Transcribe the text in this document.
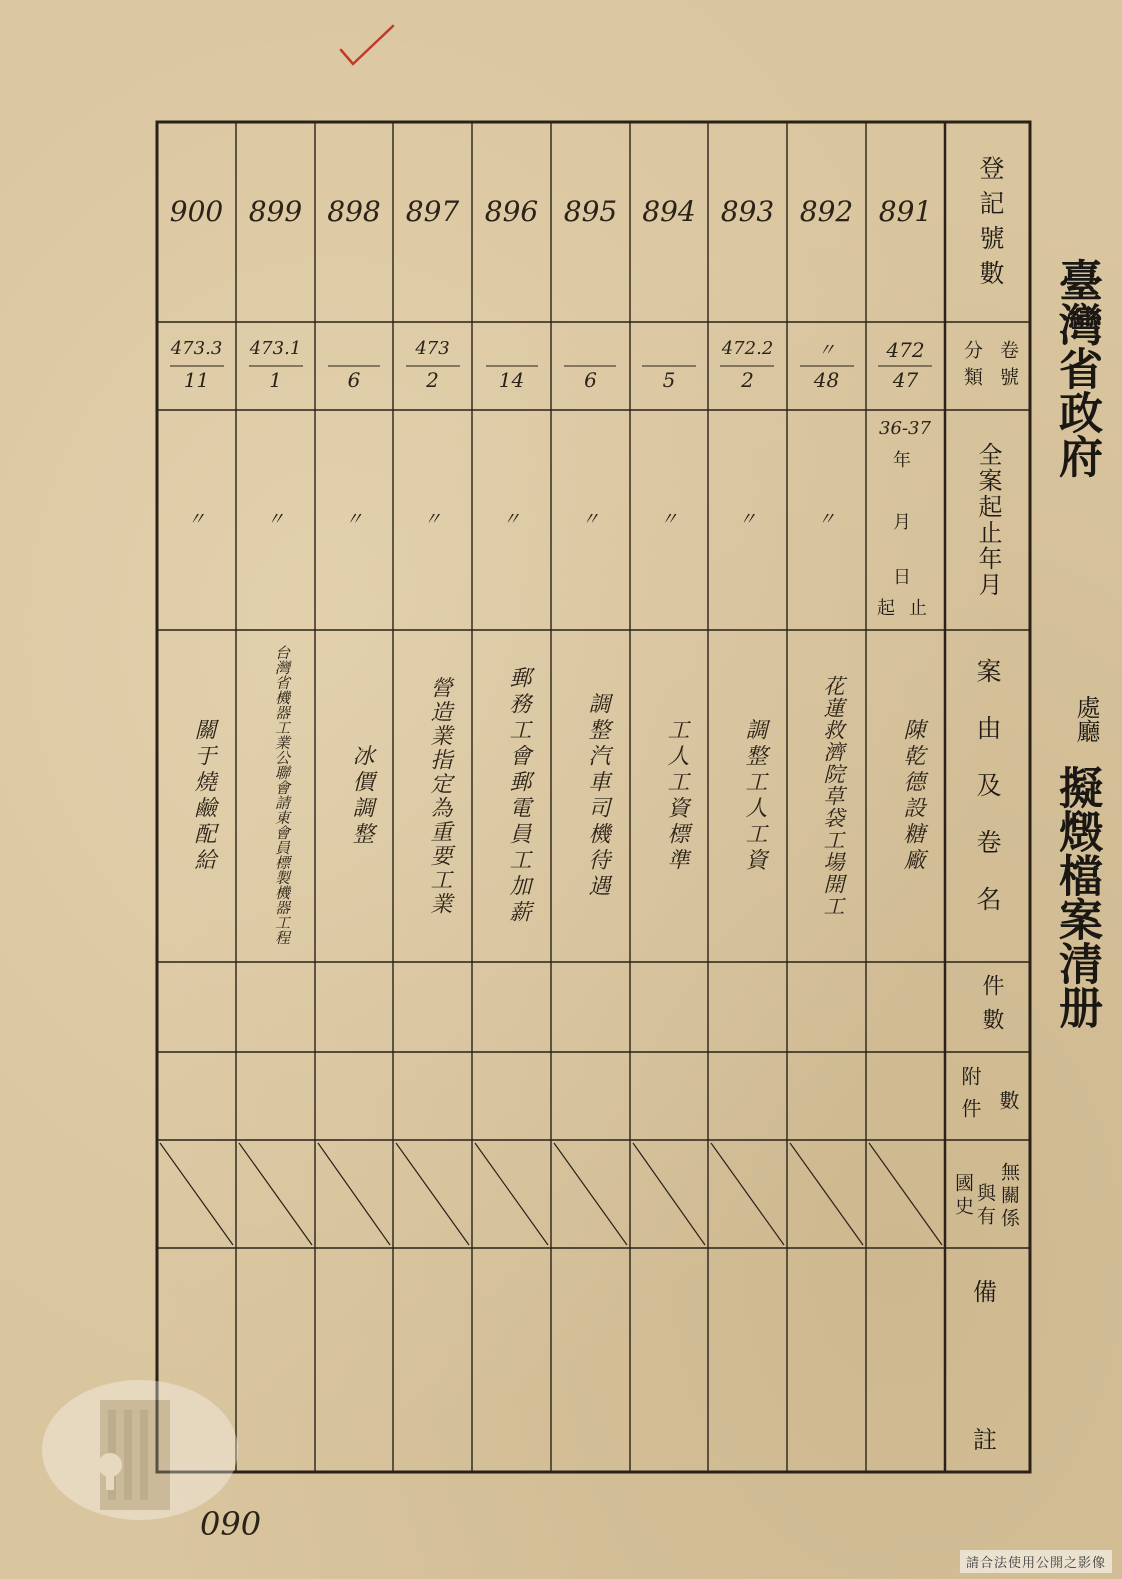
臺灣省政府
處廳
擬燬檔案清册
登記號數
卷號
分類
全案起止年月
案由及卷名
件數
數
附件
無關係
與有
國史
備
註
36-37
年
月
日
起 止
891
472
47
陳乾德設糖廠
892
〃
48
〃
花蓮救濟院草袋工場開工
893
472.2
2
〃
調整工人工資
894
5
〃
工人工資標準
895
6
〃
調整汽車司機待遇
896
14
〃
郵務工會郵電員工加薪
897
473
2
〃
營造業指定為重要工業
898
6
〃
冰價調整
899
473.1
1
〃
台灣省機器工業公聯會請東會員標製機器工程
900
473.3
11
〃
關于燒鹼配給
090
請合法使用公開之影像
